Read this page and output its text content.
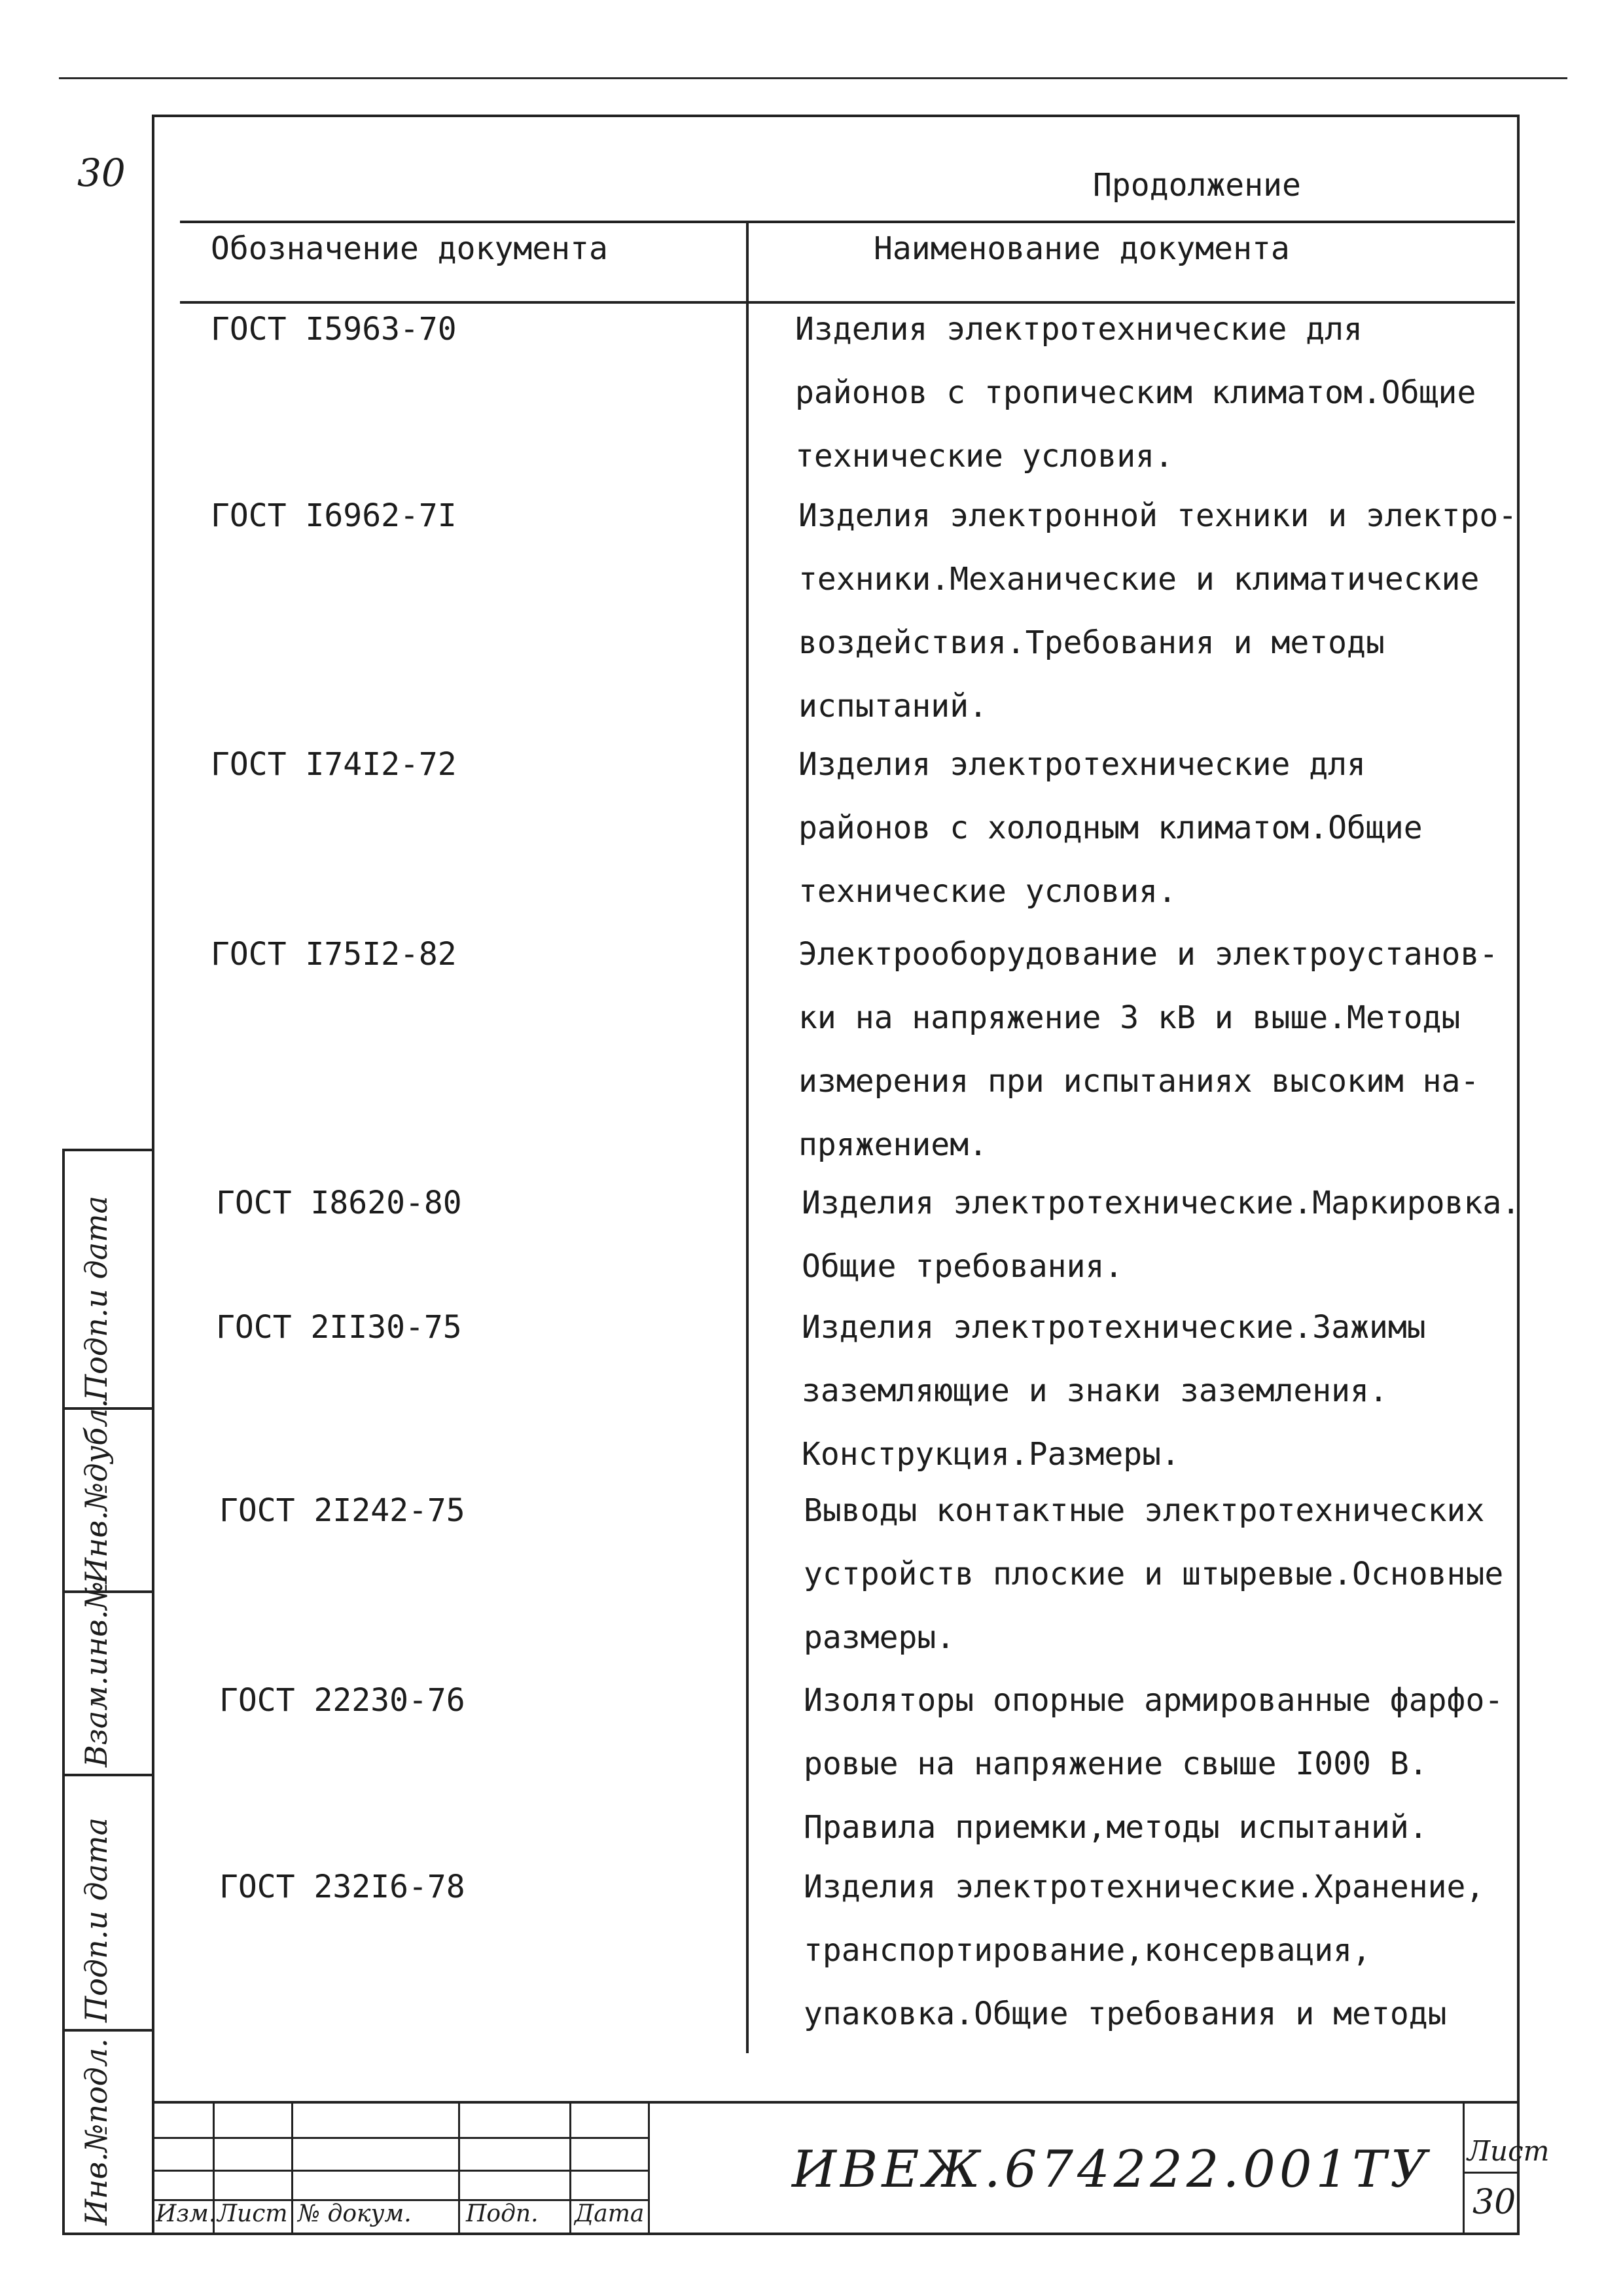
30	Продолжение
Обозначение документа	Наименование документа
ГОСТ I5963-70	Изделия электротехнические для
районов с тропическим климатом.Общие
технические условия.
ГОСТ I6962-7I	Изделия электронной техники и электро-
техники.Механические и климатические
воздействия.Требования и методы
испытаний.
ГОСТ I74I2-72	Изделия электротехнические для
районов с холодным климатом.Общие
технические условия.
ГОСТ I75I2-82	Электрооборудование и электроустанов-
ки на напряжение 3 кВ и выше.Методы
измерения при испытаниях высоким на-
пряжением.
ГОСТ I8620-80	Изделия электротехнические.Маркировка.
Общие требования.
ГОСТ 2II30-75	Изделия электротехнические.Зажимы
заземляющие и знаки заземления.
Конструкция.Размеры.
ГОСТ 2I242-75	Выводы контактные электротехнических
устройств плоские и штыревые.Основные
размеры.
ГОСТ 22230-76	Изоляторы опорные армированные фарфо-
ровые на напряжение свыше I000 В.
Правила приемки,методы испытаний.
ГОСТ 232I6-78	Изделия электротехнические.Хранение,
транспортирование,консервация,
упаковка.Общие требования и методы
Подп.и дата
Инв.№дубл.
Взам.инв.№
Подп.и дата
Инв.№подл. Изм. Лист № докум. Подп. Дата
ИВЕЖ.674222.001ТУ Лист
30
